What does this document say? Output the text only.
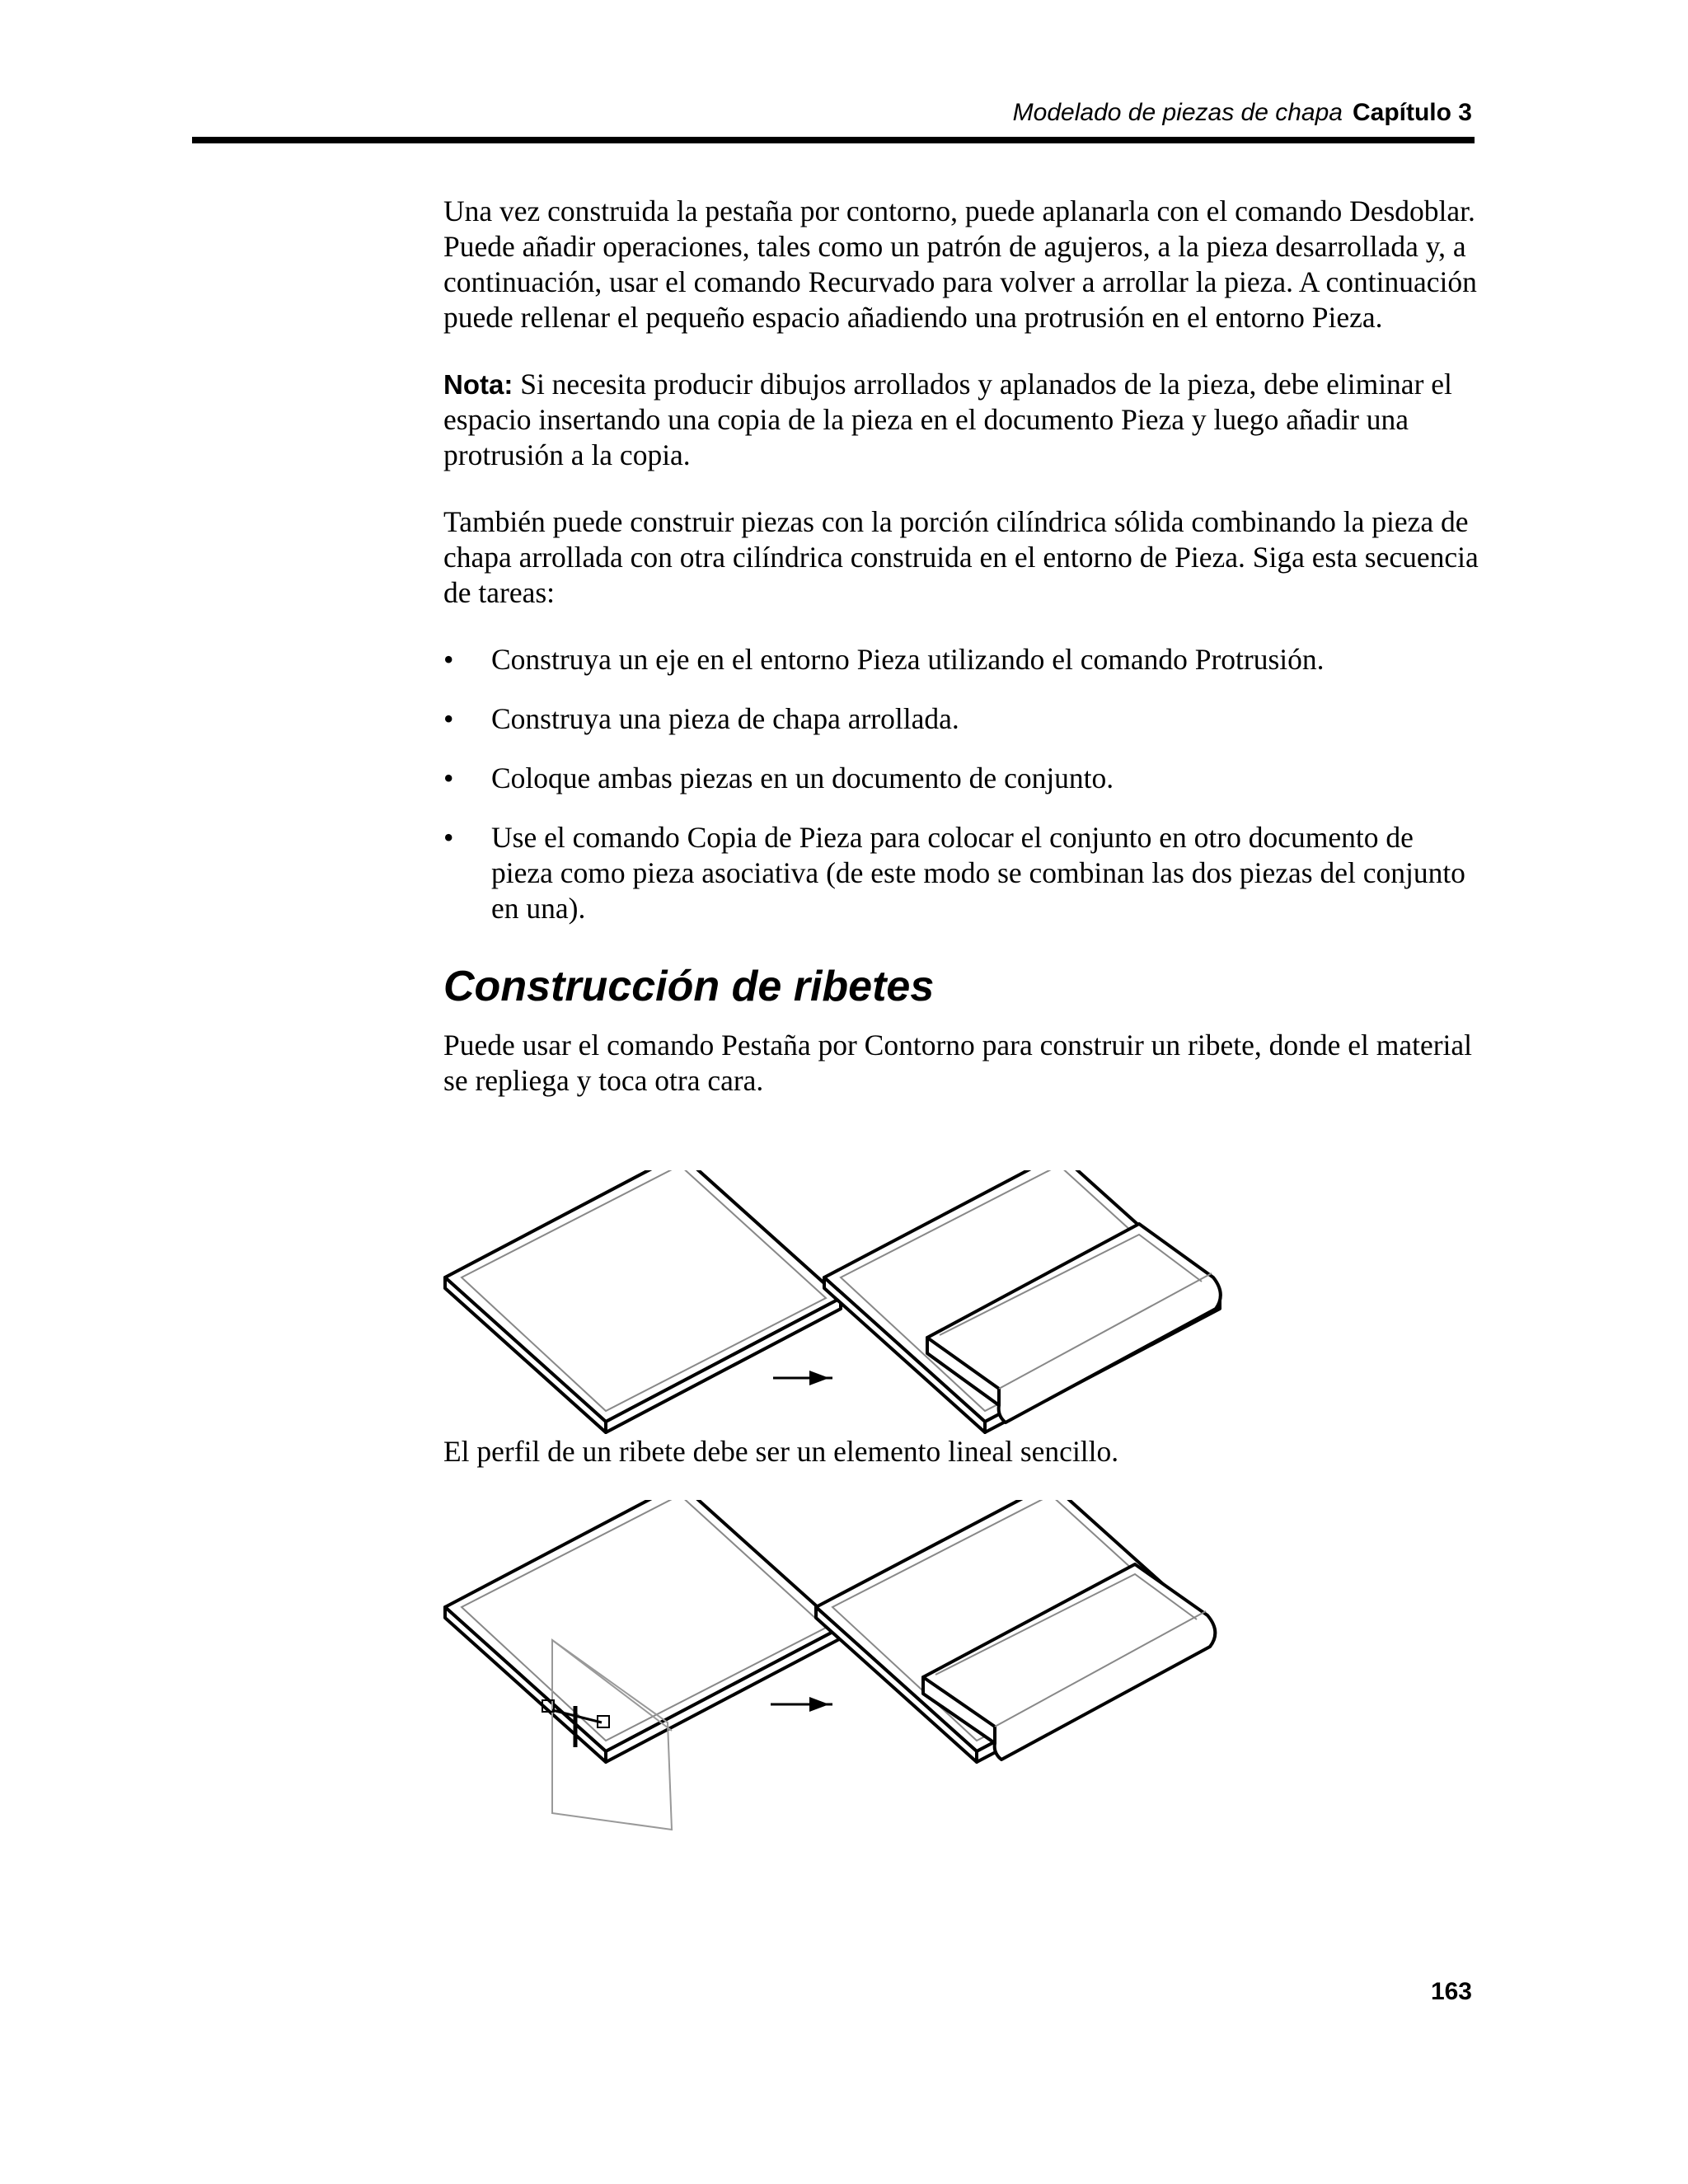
Modelado de piezas de chapa Capítulo 3

Una vez construida la pestaña por contorno, puede aplanarla con el comando Desdoblar. Puede añadir operaciones, tales como un patrón de agujeros, a la pieza desarrollada y, a continuación, usar el comando Recurvado para volver a arrollar la pieza. A continuación puede rellenar el pequeño espacio añadiendo una protrusión en el entorno Pieza.

Nota: Si necesita producir dibujos arrollados y aplanados de la pieza, debe eliminar el espacio insertando una copia de la pieza en el documento Pieza y luego añadir una protrusión a la copia.

También puede construir piezas con la porción cilíndrica sólida combinando la pieza de chapa arrollada con otra cilíndrica construida en el entorno de Pieza. Siga esta secuencia de tareas:

• Construya un eje en el entorno Pieza utilizando el comando Protrusión.
• Construya una pieza de chapa arrollada.
• Coloque ambas piezas en un documento de conjunto.
• Use el comando Copia de Pieza para colocar el conjunto en otro documento de pieza como pieza asociativa (de este modo se combinan las dos piezas del conjunto en una).
Construcción de ribetes

Puede usar el comando Pestaña por Contorno para construir un ribete, donde el material se repliega y toca otra cara.

El perfil de un ribete debe ser un elemento lineal sencillo.
163
